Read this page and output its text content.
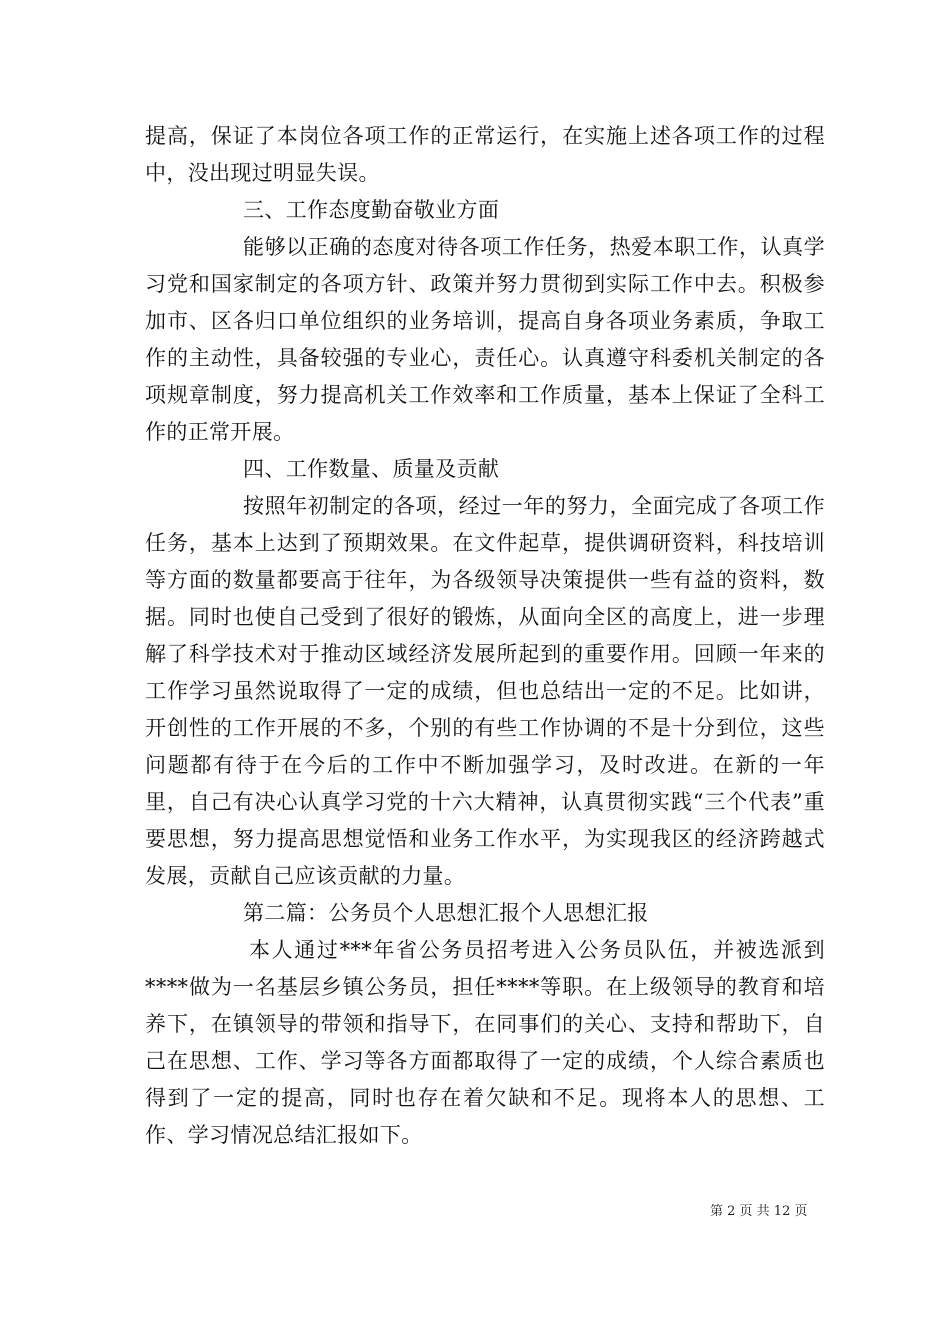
提高，保证了本岗位各项工作的正常运行，在实施上述各项工作的过程中，没出现过明显失误。

三、工作态度勤奋敬业方面

能够以正确的态度对待各项工作任务，热爱本职工作，认真学习党和国家制定的各项方针、政策并努力贯彻到实际工作中去。积极参加市、区各归口单位组织的业务培训，提高自身各项业务素质，争取工作的主动性，具备较强的专业心，责任心。认真遵守科委机关制定的各项规章制度，努力提高机关工作效率和工作质量，基本上保证了全科工作的正常开展。

四、工作数量、质量及贡献

按照年初制定的各项，经过一年的努力，全面完成了各项工作任务，基本上达到了预期效果。在文件起草，提供调研资料，科技培训等方面的数量都要高于往年，为各级领导决策提供一些有益的资料，数据。同时也使自己受到了很好的锻炼，从面向全区的高度上，进一步理解了科学技术对于推动区域经济发展所起到的重要作用。回顾一年来的工作学习虽然说取得了一定的成绩，但也总结出一定的不足。比如讲，开创性的工作开展的不多，个别的有些工作协调的不是十分到位，这些问题都有待于在今后的工作中不断加强学习，及时改进。在新的一年里，自己有决心认真学习党的十六大精神，认真贯彻实践“三个代表”重要思想，努力提高思想觉悟和业务工作水平，为实现我区的经济跨越式发展，贡献自己应该贡献的力量。

第二篇：公务员个人思想汇报个人思想汇报

本人通过***年省公务员招考进入公务员队伍，并被选派到****做为一名基层乡镇公务员，担任****等职。在上级领导的教育和培养下，在镇领导的带领和指导下，在同事们的关心、支持和帮助下，自己在思想、工作、学习等各方面都取得了一定的成绩，个人综合素质也得到了一定的提高，同时也存在着欠缺和不足。现将本人的思想、工作、学习情况总结汇报如下。

第 2 页 共 12 页
